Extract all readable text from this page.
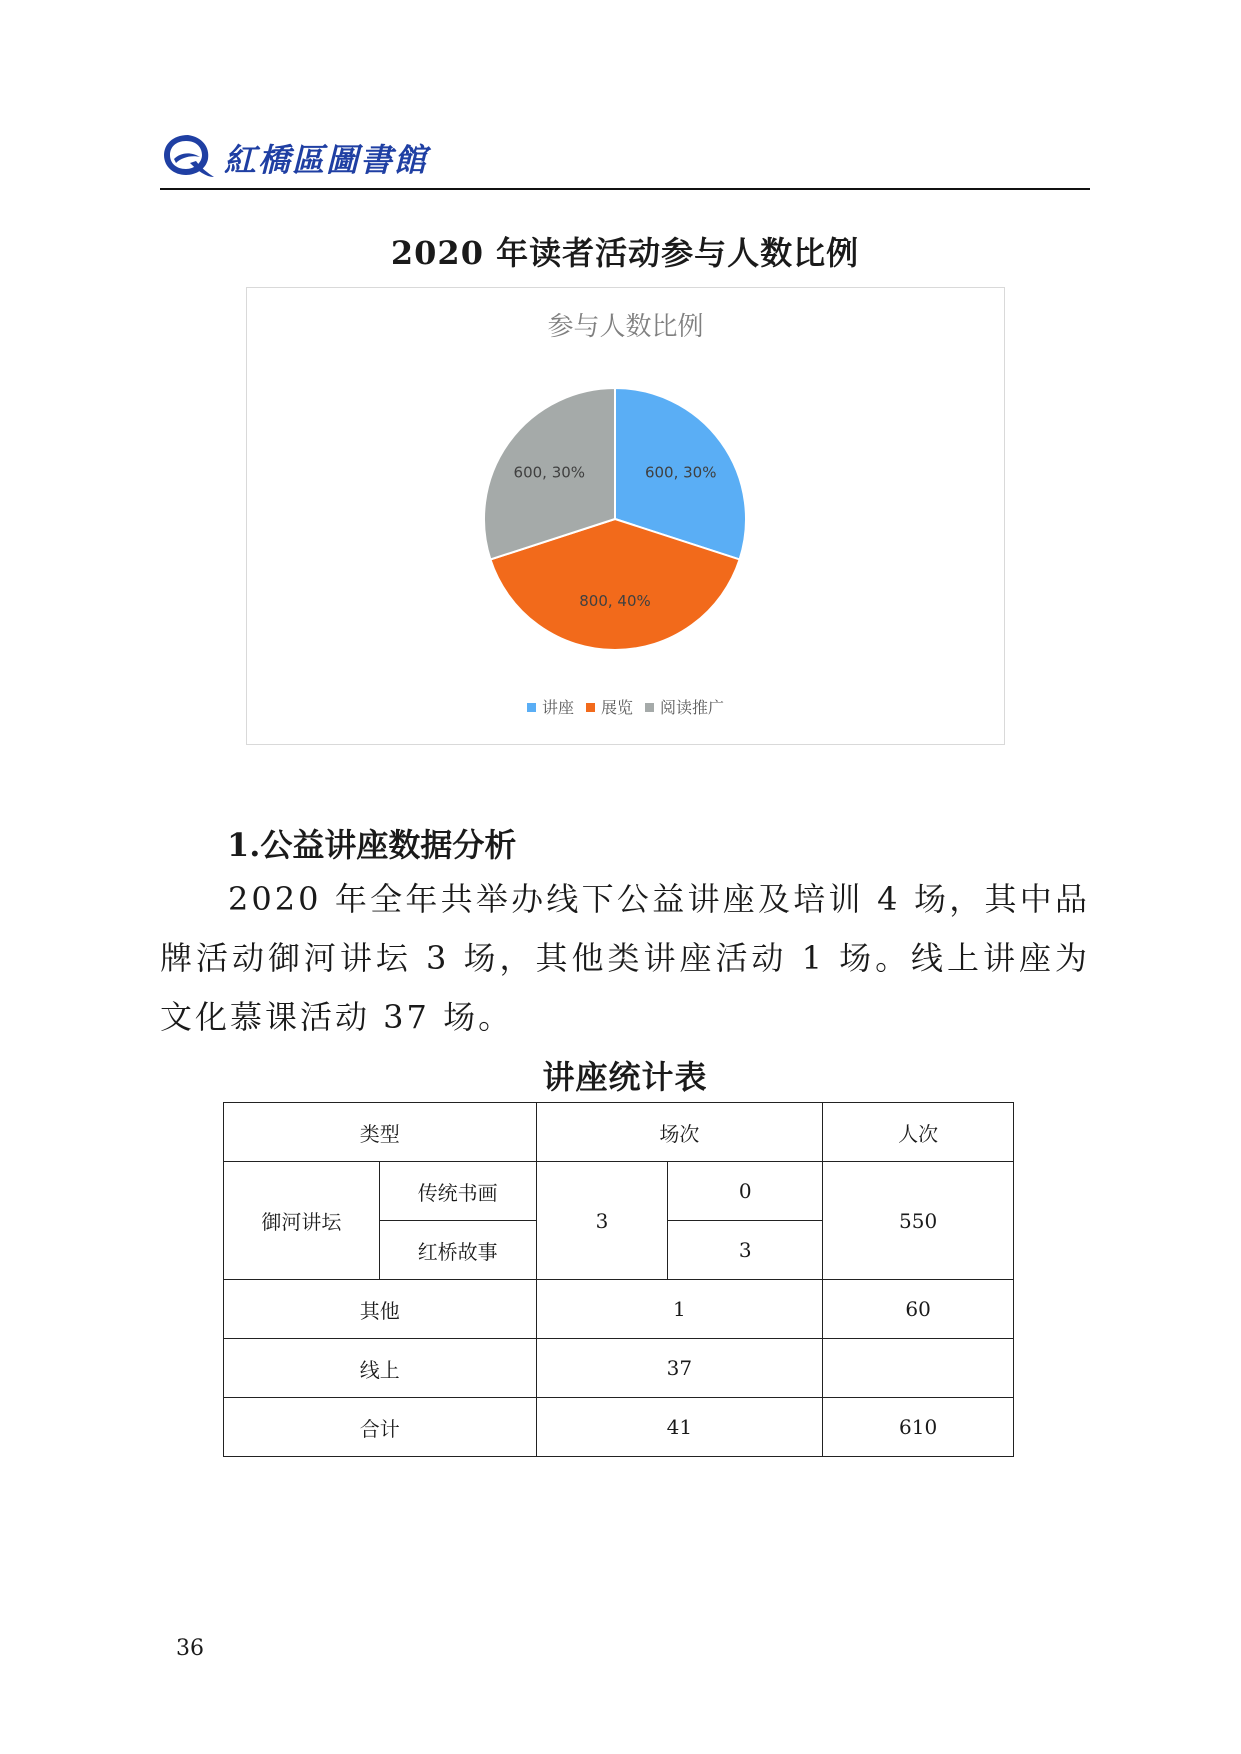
紅橋區圖書館
2020 年读者活动参与人数比例
参与人数比例
600, 30%
800, 40%
600, 30%
讲座 展览 阅读推广
1.公益讲座数据分析
2020 年全年共举办线下公益讲座及培训 4 场，其中品牌活动御河讲坛 3 场，其他类讲座活动 1 场。线上讲座为文化慕课活动 37 场。
讲座统计表
类型		场次		人次
御河讲坛	传统书画	3	0	550
	红桥故事		3	
其他		1		60
线上		37		
合计		41		610
36
